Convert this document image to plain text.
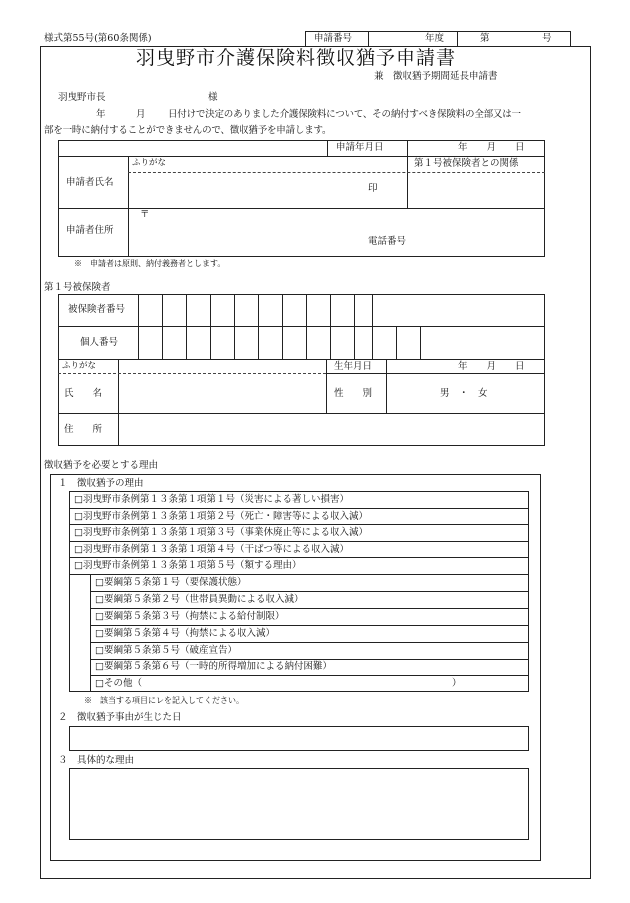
様式第55号(第60条関係)	申請番号	年度	第	号
羽曳野市介護保険料徴収猶予申請書
兼　徴収猶予期間延長申請書
羽曳野市長	様
年	月 日付けで決定のありました介護保険料について、その納付すべき保険料の全部又は一
部を一時に納付することができませんので、徴収猶予を申請します。
申請年月日	年　　月　　日
ふりがな	第１号被保険者との関係
申請者氏名
印
〒
申請者住所
電話番号
※　申請者は原則、納付義務者とします。
第１号被保険者
被保険者番号
個人番号
ふりがな	生年月日	年　　月　　日
氏　　名	性　　別	男　・　女
住　　所
徴収猶予を必要とする理由
１　徴収猶予の理由
□羽曳野市条例第１３条第１項第１号（災害による著しい損害）
□羽曳野市条例第１３条第１項第２号（死亡・障害等による収入減）
□羽曳野市条例第１３条第１項第３号（事業休廃止等による収入減）
□羽曳野市条例第１３条第１項第４号（干ばつ等による収入減）
□羽曳野市条例第１３条第１項第５号（類する理由）
□要綱第５条第１号（要保護状態）
□要綱第５条第２号（世帯員異動による収入減）
□要綱第５条第３号（拘禁による給付制限）
□要綱第５条第４号（拘禁による収入減）
□要綱第５条第５号（破産宣告）
□要綱第５条第６号（一時的所得増加による納付困難）
□その他（	）
※　該当する項目にレを記入してください。
２　徴収猶予事由が生じた日
３　具体的な理由
